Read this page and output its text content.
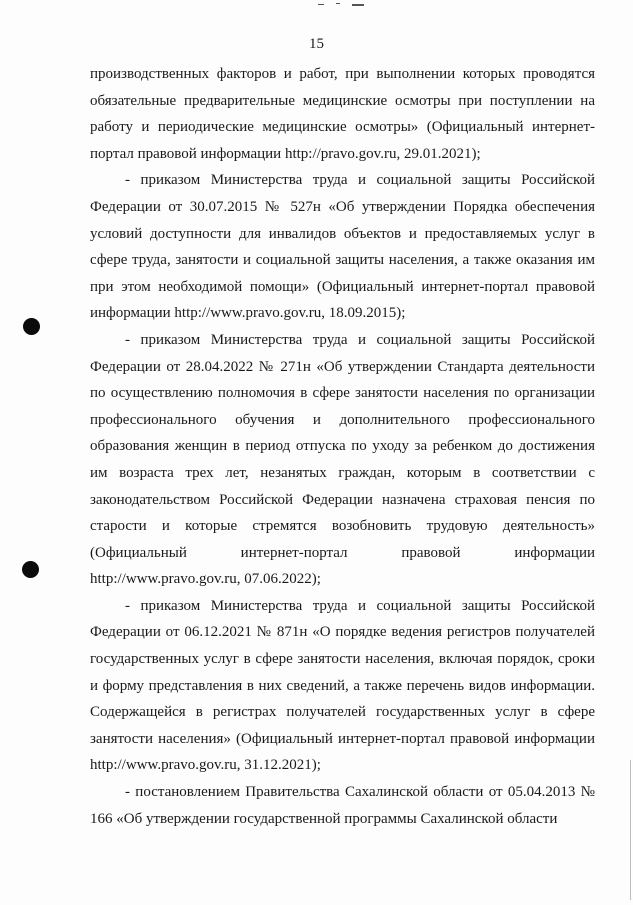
15

производственных факторов и работ, при выполнении которых проводятся обязательные предварительные медицинские осмотры при поступлении на работу и периодические медицинские осмотры» (Официальный интернет-портал правовой информации http://pravo.gov.ru, 29.01.2021);

- приказом Министерства труда и социальной защиты Российской Федерации от 30.07.2015 № 527н «Об утверждении Порядка обеспечения условий доступности для инвалидов объектов и предоставляемых услуг в сфере труда, занятости и социальной защиты населения, а также оказания им при этом необходимой помощи» (Официальный интернет-портал правовой информации http://www.pravo.gov.ru, 18.09.2015);

- приказом Министерства труда и социальной защиты Российской Федерации от 28.04.2022 № 271н «Об утверждении Стандарта деятельности по осуществлению полномочия в сфере занятости населения по организации профессионального обучения и дополнительного профессионального образования женщин в период отпуска по уходу за ребенком до достижения им возраста трех лет, незанятых граждан, которым в соответствии с законодательством Российской Федерации назначена страховая пенсия по старости и которые стремятся возобновить трудовую деятельность» (Официальный интернет-портал правовой информации http://www.pravo.gov.ru, 07.06.2022);

- приказом Министерства труда и социальной защиты Российской Федерации от 06.12.2021 № 871н «О порядке ведения регистров получателей государственных услуг в сфере занятости населения, включая порядок, сроки и форму представления в них сведений, а также перечень видов информации. Содержащейся в регистрах получателей государственных услуг в сфере занятости населения» (Официальный интернет-портал правовой информации http://www.pravo.gov.ru, 31.12.2021);

- постановлением Правительства Сахалинской области от 05.04.2013 № 166 «Об утверждении государственной программы Сахалинской области
